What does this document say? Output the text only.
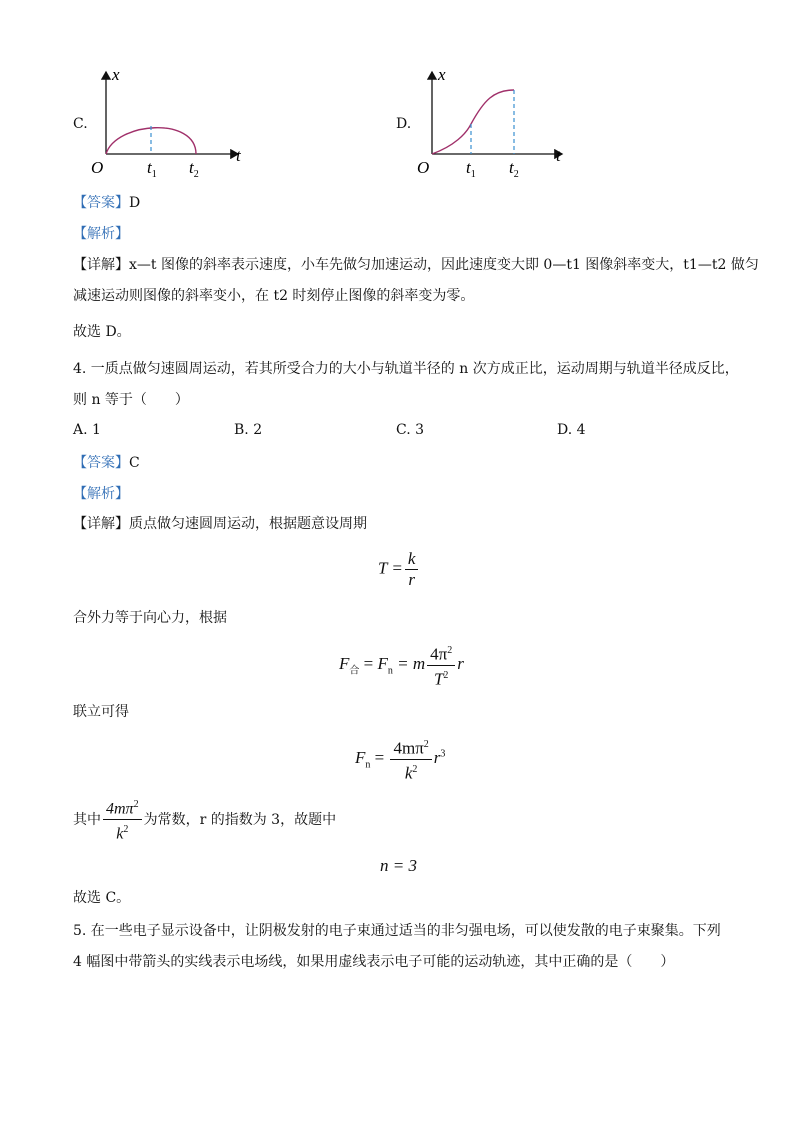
C.
x
t
O	$t_1$ $t_2$
D.
x
t
O $t_1$ $t_2$
【答案】D
【解析】
【详解】x—t 图像的斜率表示速度，小车先做匀加速运动，因此速度变大即 0—t1 图像斜率变大，t1—t2 做匀
减速运动则图像的斜率变小，在 t2 时刻停止图像的斜率变为零。
故选 D。
4. 一质点做匀速圆周运动，若其所受合力的大小与轨道半径的 n 次方成正比，运动周期与轨道半径成反比，
则 n 等于（　　）
A. 1	B. 2	C. 3	D. 4
【答案】C
【解析】
【详解】质点做匀速圆周运动，根据题意设周期
$T = \frac{k}{r}$
合外力等于向心力，根据
$F_合 = F_n = m \frac{4\pi^2}{T^2}$ r
联立可得
$F_n = \frac{4m\pi^2}{k^2} r^3$
其中 $\frac{4m\pi^2}{k^2}$ 为常数，r 的指数为 3，故题中
n = 3
故选 C。
5. 在一些电子显示设备中，让阴极发射的电子束通过适当的非匀强电场，可以使发散的电子束聚集。下列
4 幅图中带箭头的实线表示电场线，如果用虚线表示电子可能的运动轨迹，其中正确的是（　　）
